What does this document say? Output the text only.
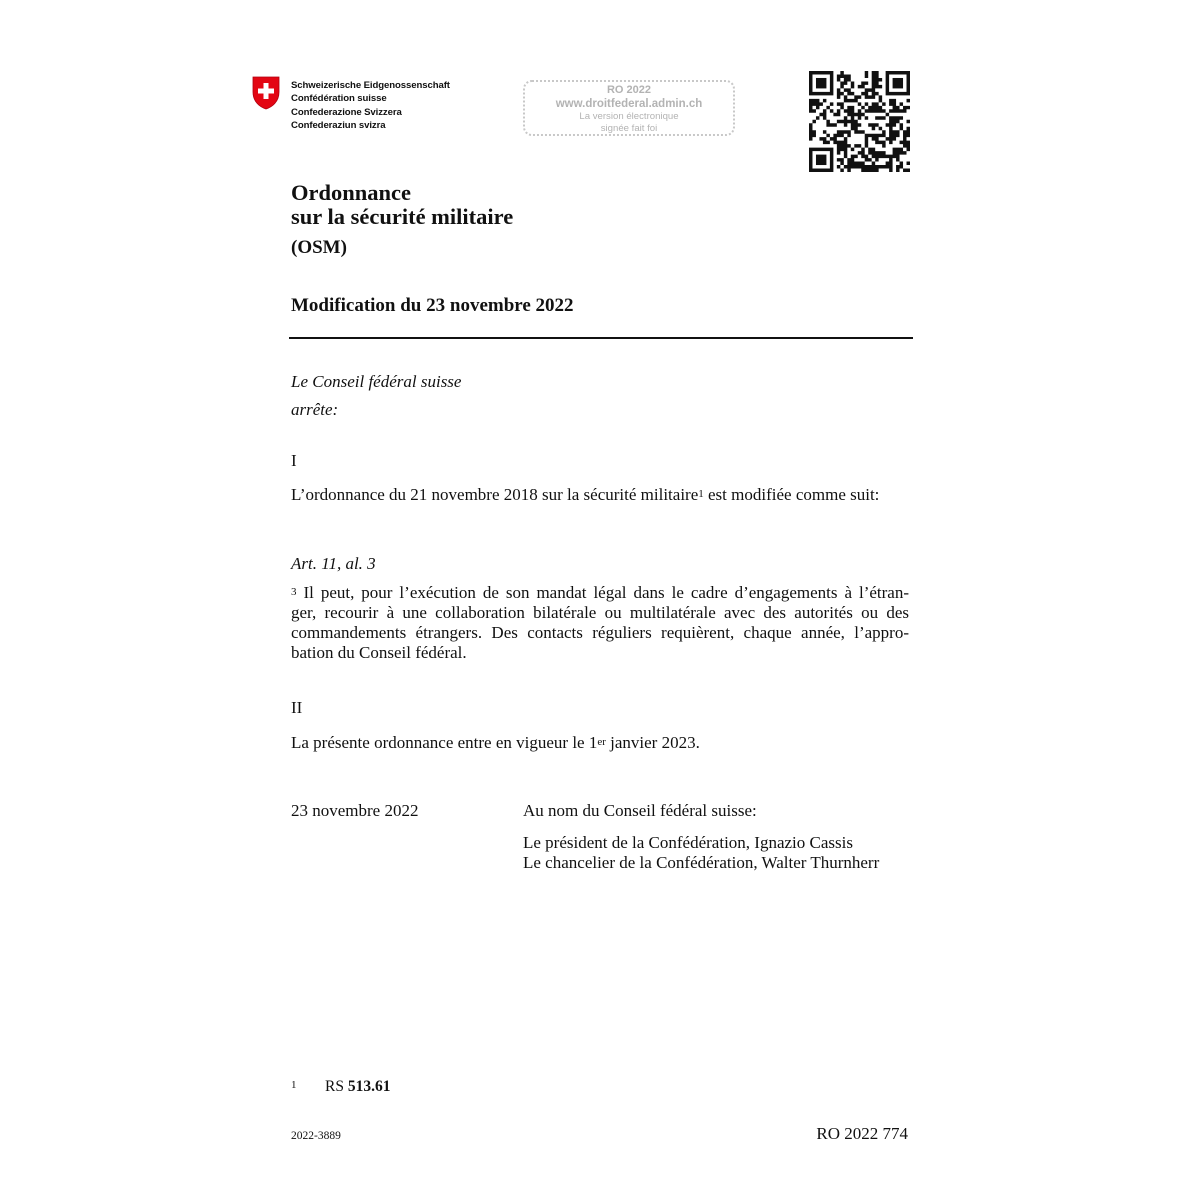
Schweizerische Eidgenossenschaft
Confédération suisse
Confederazione Svizzera
Confederaziun svizra
RO 2022
www.droitfederal.admin.ch
La version électronique
signée fait foi
Ordonnance
sur la sécurité militaire
(OSM)
Modification du 23 novembre 2022
Le Conseil fédéral suisse
arrête:
I
L’ordonnance du 21 novembre 2018 sur la sécurité militaire$^1$ est modifiée comme suit:
Art. 11, al. 3
$^3$ Il peut, pour l’exécution de son mandat légal dans le cadre d’engagements à l’étran-
ger, recourir à une collaboration bilatérale ou multilatérale avec des autorités ou des
commandements étrangers. Des contacts réguliers requièrent, chaque année, l’appro-
bation du Conseil fédéral.
II
La présente ordonnance entre en vigueur le 1er janvier 2023.
23 novembre 2022	Au nom du Conseil fédéral suisse:
Le président de la Confédération, Ignazio Cassis
Le chancelier de la Confédération, Walter Thurnherr
1 RS 513.61
2022-3889	RO 2022 774
